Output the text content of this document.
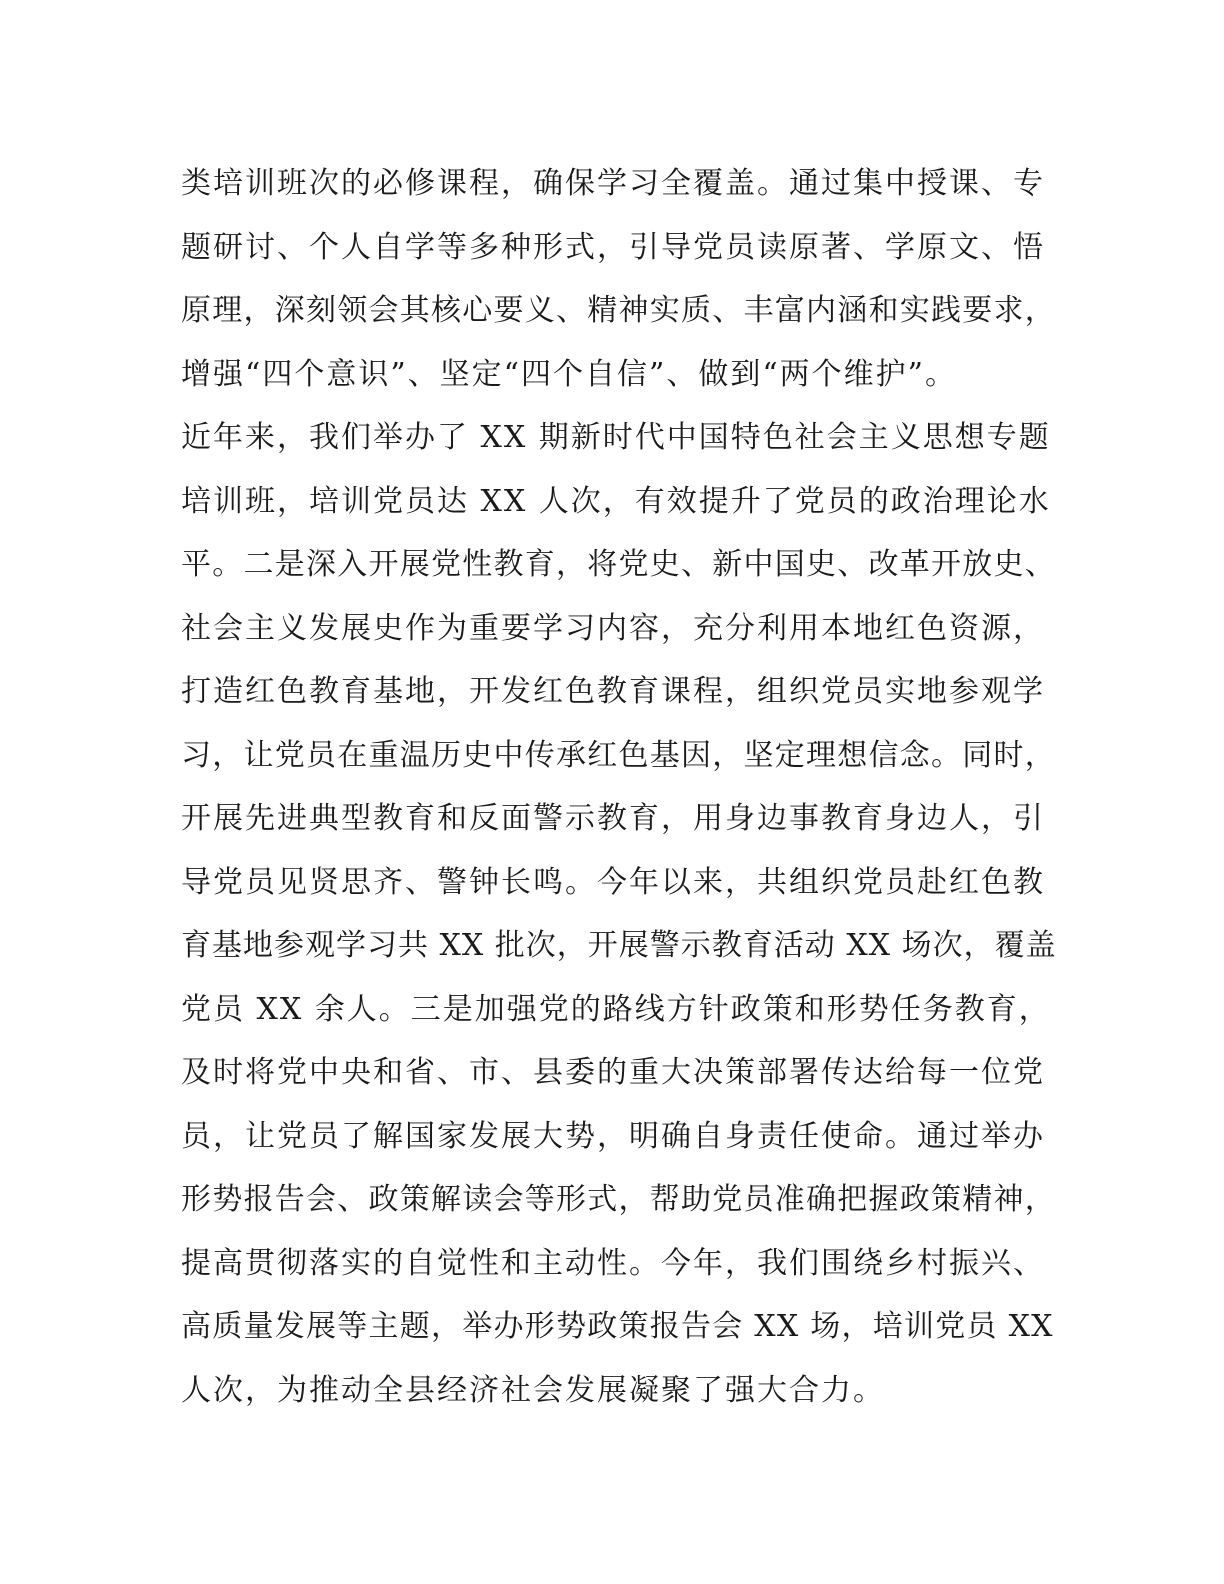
类培训班次的必修课程，确保学习全覆盖。通过集中授课、专
题研讨、个人自学等多种形式，引导党员读原著、学原文、悟
原理，深刻领会其核心要义、精神实质、丰富内涵和实践要求，
增强“四个意识”、坚定“四个自信”、做到“两个维护”。
近年来，我们举办了 XX 期新时代中国特色社会主义思想专题
培训班，培训党员达 XX 人次，有效提升了党员的政治理论水
平。二是深入开展党性教育，将党史、新中国史、改革开放史、
社会主义发展史作为重要学习内容，充分利用本地红色资源，
打造红色教育基地，开发红色教育课程，组织党员实地参观学
习，让党员在重温历史中传承红色基因，坚定理想信念。同时，
开展先进典型教育和反面警示教育，用身边事教育身边人，引
导党员见贤思齐、警钟长鸣。今年以来，共组织党员赴红色教
育基地参观学习共 XX 批次，开展警示教育活动 XX 场次，覆盖
党员 XX 余人。三是加强党的路线方针政策和形势任务教育，
及时将党中央和省、市、县委的重大决策部署传达给每一位党
员，让党员了解国家发展大势，明确自身责任使命。通过举办
形势报告会、政策解读会等形式，帮助党员准确把握政策精神，
提高贯彻落实的自觉性和主动性。今年，我们围绕乡村振兴、
高质量发展等主题，举办形势政策报告会 XX 场，培训党员 XX
人次，为推动全县经济社会发展凝聚了强大合力。
